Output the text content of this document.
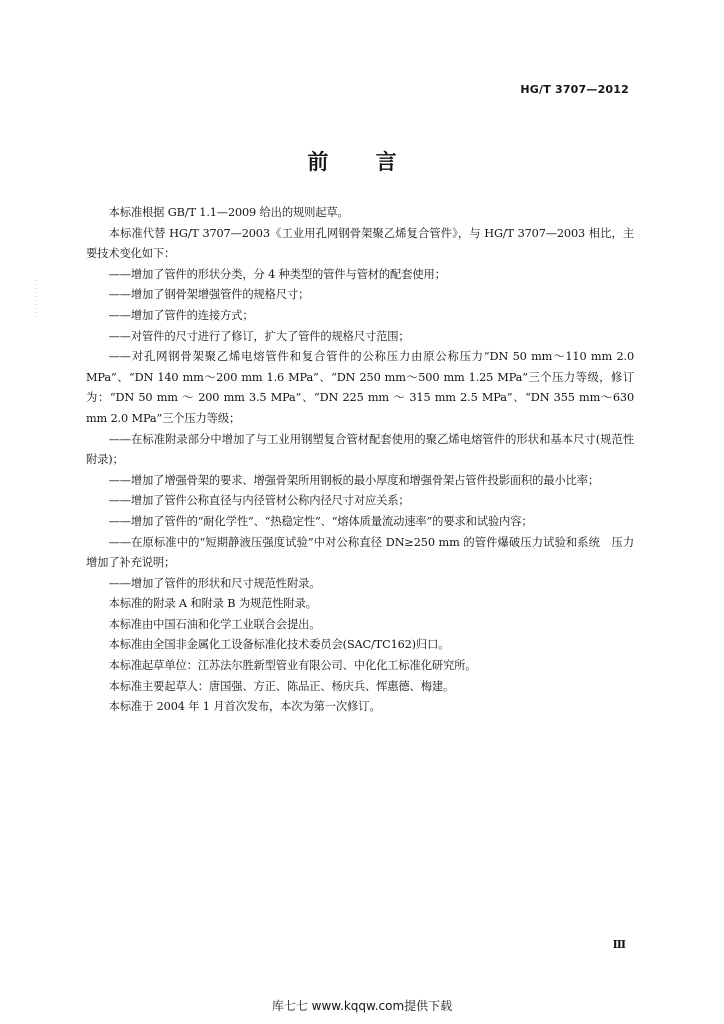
HG/T 3707—2012
前 言

本标准根据 GB/T 1.1—2009 给出的规则起草。

本标准代替 HG/T 3707—2003《工业用孔网钢骨架聚乙烯复合管件》，与 HG/T 3707—2003 相比，主要技术变化如下：

——增加了管件的形状分类，分 4 种类型的管件与管材的配套使用；

——增加了钢骨架增强管件的规格尺寸；

——增加了管件的连接方式；

——对管件的尺寸进行了修订，扩大了管件的规格尺寸范围；

——对孔网钢骨架聚乙烯电熔管件和复合管件的公称压力由原公称压力“DN 50 mm～110 mm 2.0 MPa”、“DN 140 mm～200 mm 1.6 MPa”、“DN 250 mm～500 mm 1.25 MPa”三个压力等级，修订为：“DN 50 mm ～ 200 mm 3.5 MPa”、“DN 225 mm ～ 315 mm 2.5 MPa”、“DN 355 mm～630 mm 2.0 MPa”三个压力等级；

——在标准附录部分中增加了与工业用钢塑复合管材配套使用的聚乙烯电熔管件的形状和基本尺寸(规范性附录)；

——增加了增强骨架的要求、增强骨架所用钢板的最小厚度和增强骨架占管件投影面积的最小比率；

——增加了管件公称直径与内径管材公称内径尺寸对应关系；

——增加了管件的“耐化学性”、“热稳定性”、“熔体质量流动速率”的要求和试验内容；

——在原标准中的“短期静液压强度试验”中对公称直径 DN≥250 mm 的管件爆破压力试验和系统　压力增加了补充说明；

——增加了管件的形状和尺寸规范性附录。

本标准的附录 A 和附录 B 为规范性附录。

本标准由中国石油和化学工业联合会提出。

本标准由全国非金属化工设备标准化技术委员会(SAC/TC162)归口。

本标准起草单位：江苏法尔胜新型管业有限公司、中化化工标准化研究所。

本标准主要起草人：唐国强、方正、陈品正、杨庆兵、恽惠德、梅建。

本标准于 2004 年 1 月首次发布，本次为第一次修订。

Ⅲ
库七七 www.kqqw.com提供下载
